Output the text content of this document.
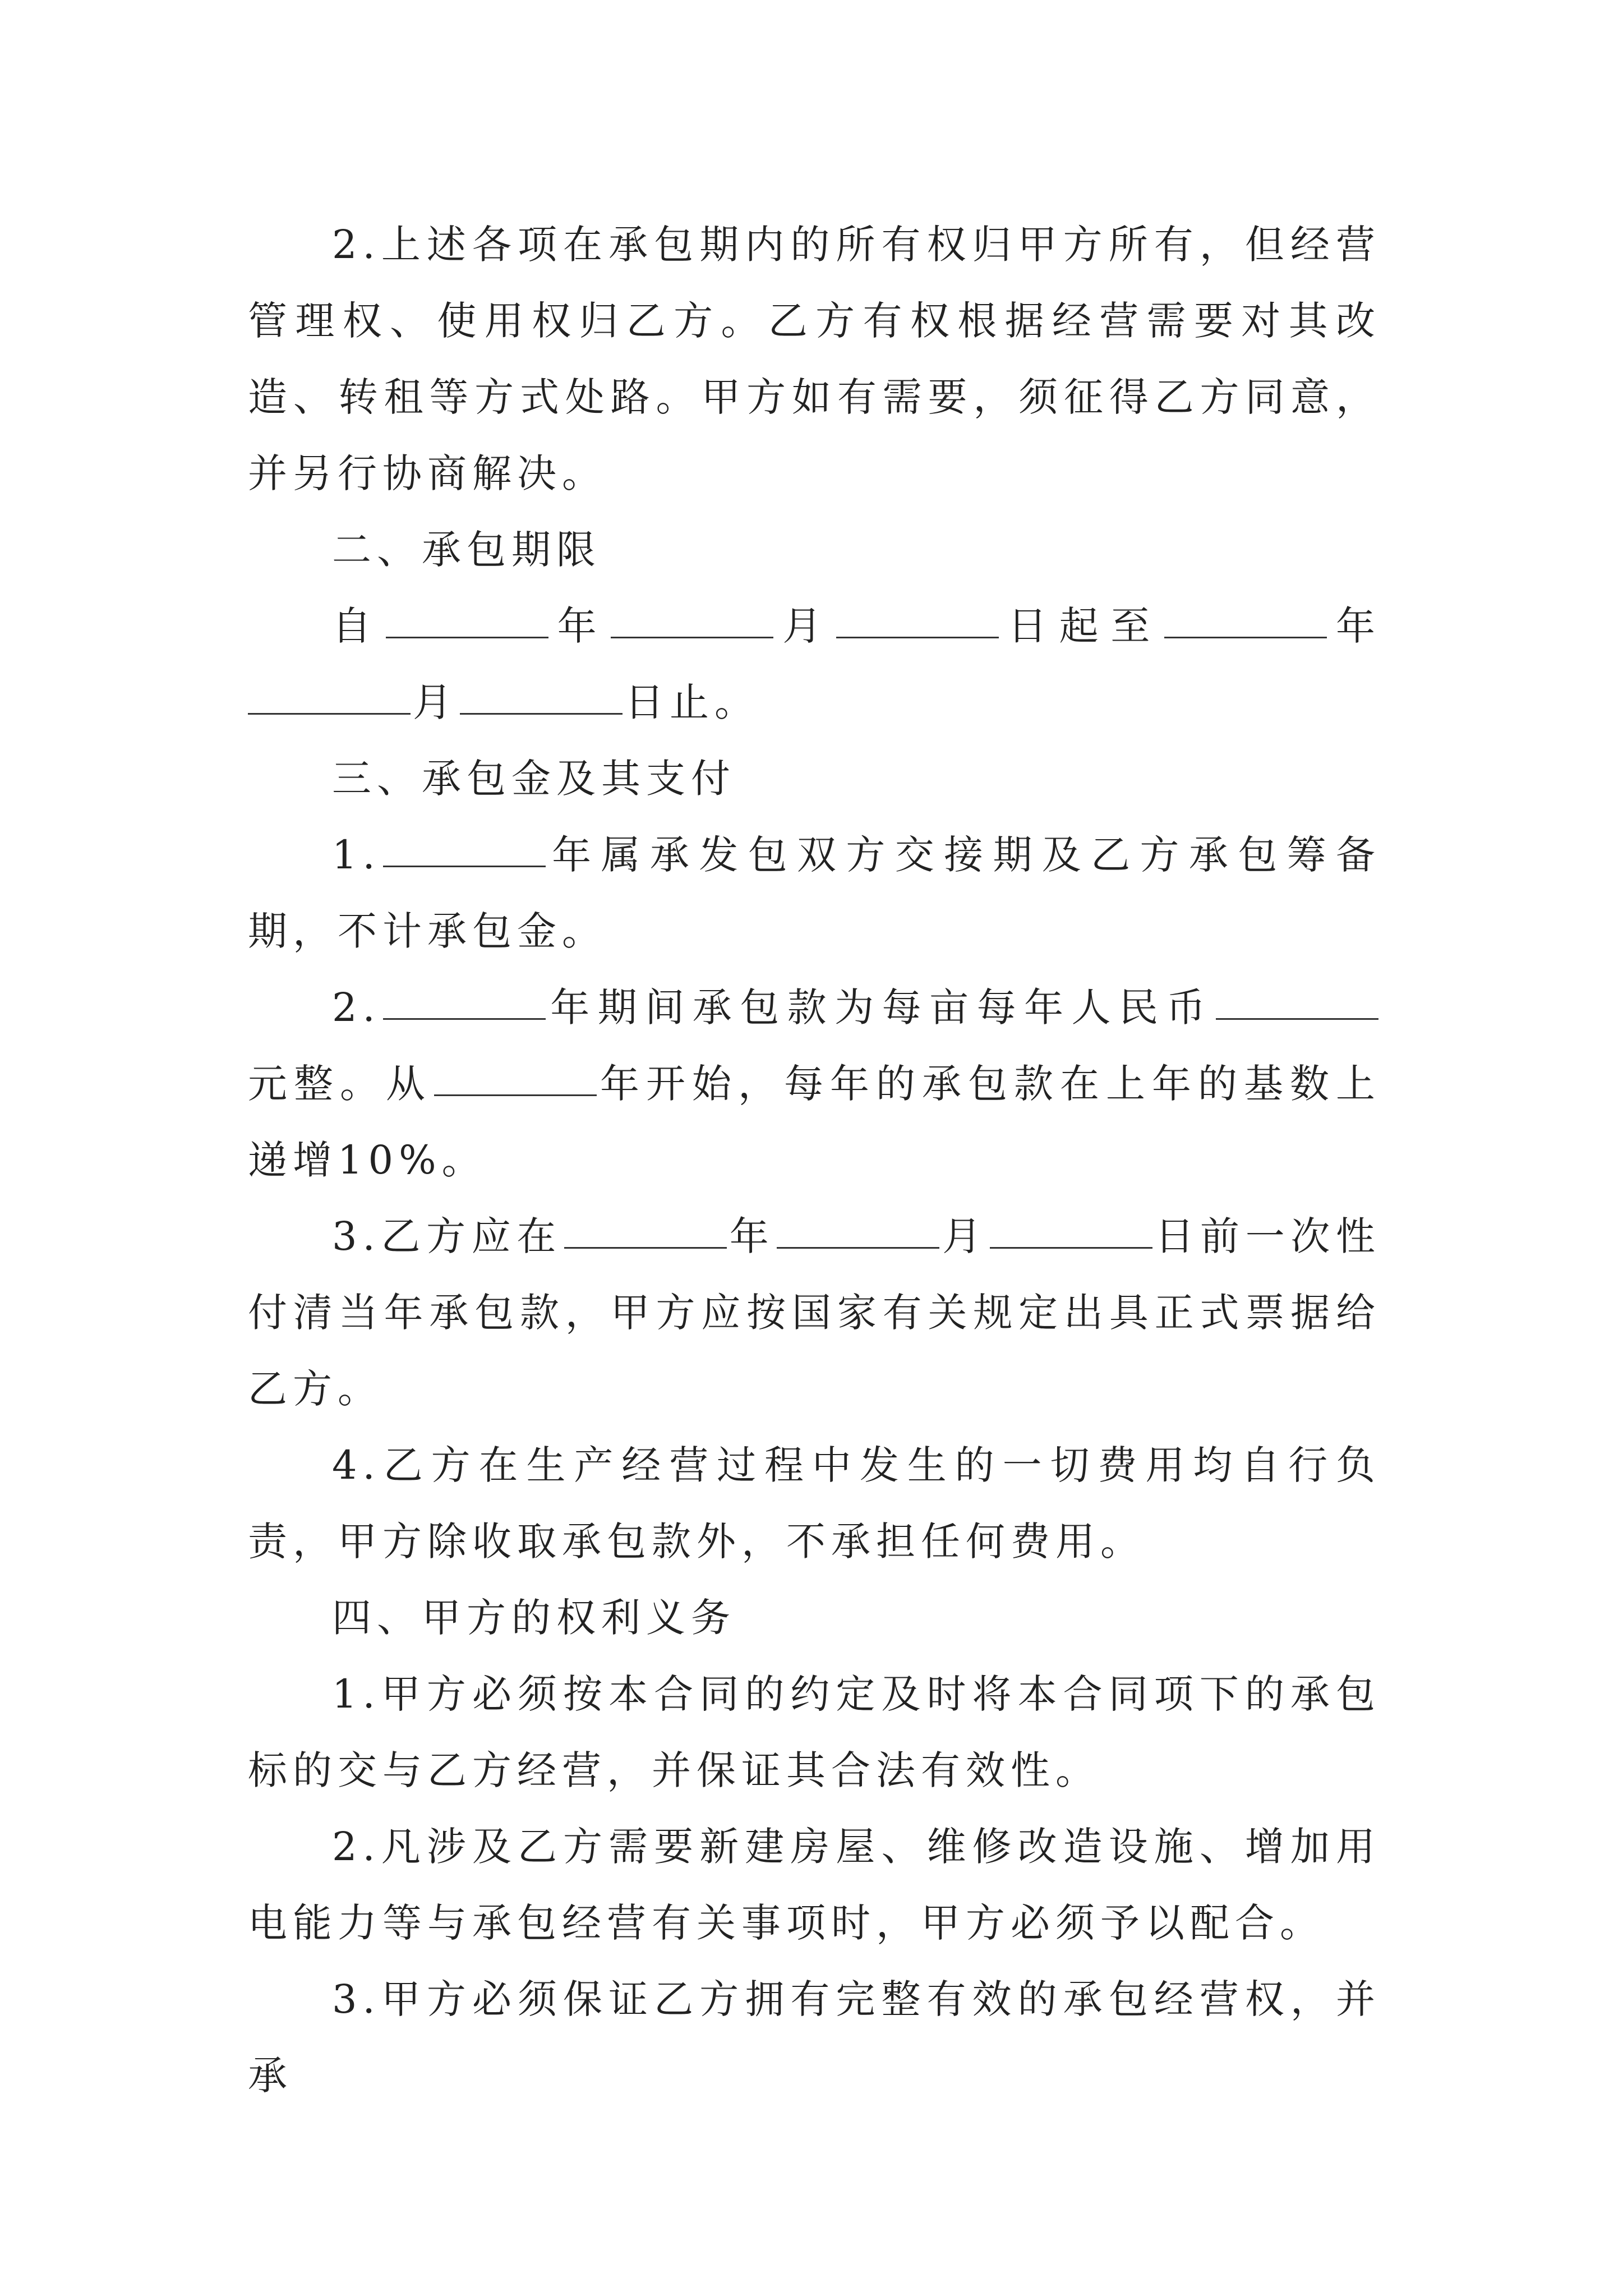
2.上述各项在承包期内的所有权归甲方所有，但经营管理权、使用权归乙方。乙方有权根据经营需要对其改造、转租等方式处路。甲方如有需要，须征得乙方同意，并另行协商解决。

二、承包期限

自	年	月	日起至	年月	日止。

三、承包金及其支付

1.	年属承发包双方交接期及乙方承包筹备期，不计承包金。

2.	年期间承包款为每亩每年人民币元整。从	年开始，每年的承包款在上年的基数上递增10%。

3.乙方应在	年	月	日前一次性付清当年承包款，甲方应按国家有关规定出具正式票据给乙方。

4.乙方在生产经营过程中发生的一切费用均自行负责，甲方除收取承包款外，不承担任何费用。

四、甲方的权利义务

1.甲方必须按本合同的约定及时将本合同项下的承包标的交与乙方经营，并保证其合法有效性。

2.凡涉及乙方需要新建房屋、维修改造设施、增加用电能力等与承包经营有关事项时，甲方必须予以配合。

3.甲方必须保证乙方拥有完整有效的承包经营权，并承
